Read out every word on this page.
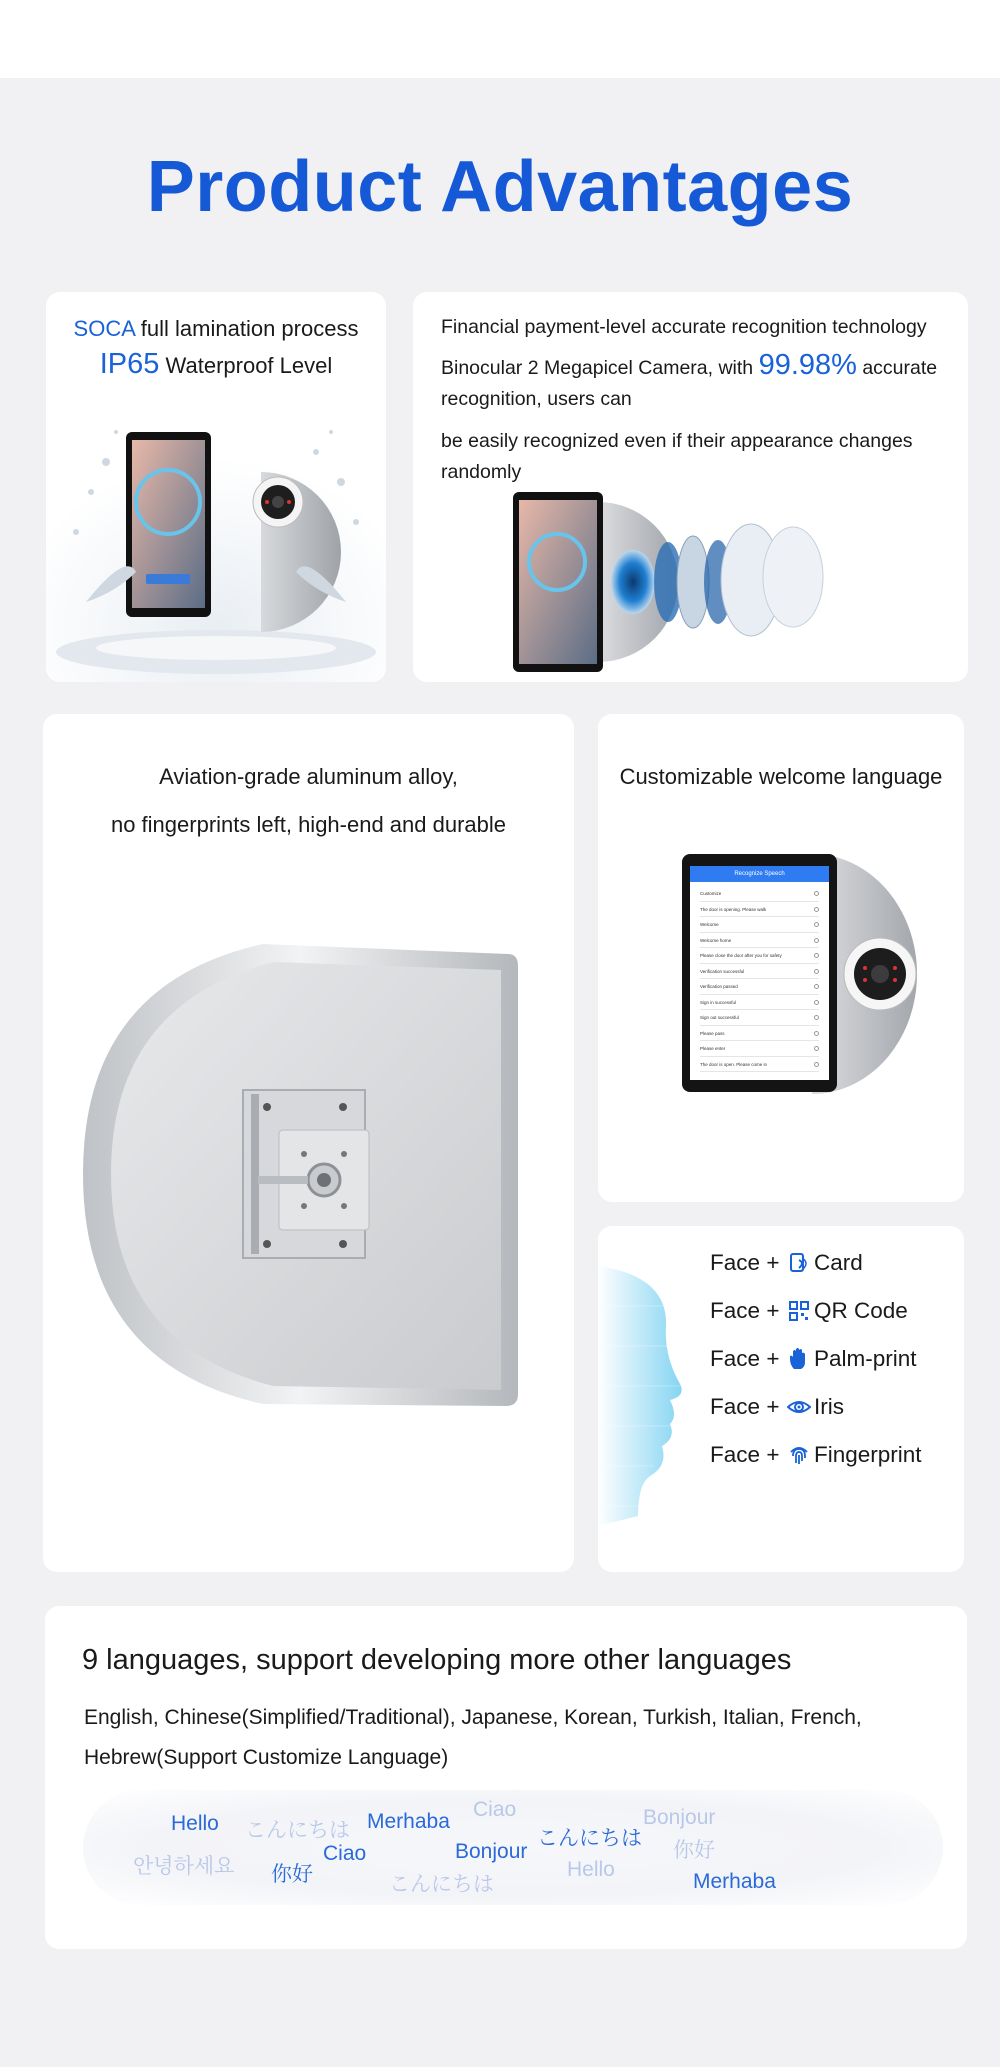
Product Advantages
SOCA full lamination process
IP65 Waterproof Level

Financial payment-level accurate recognition technology

Binocular 2 Megapicel Camera, with 99.98% accurate recognition, users can

be easily recognized even if their appearance changes randomly

Aviation-grade aluminum alloy,
no fingerprints left, high-end and durable
Customizable welcome language
Recognize Speech
Customize
The door is opening. Please walk
Welcome
Welcome home
Please close the door after you for safety
Verification successful
Verification passed
Sign in successful
Sign out successful
Please pass
Please enter
The door is open. Please come in
Face + Card
Face + QR Code
Face + Palm-print
Face + Iris
Face + Fingerprint
9 languages, support developing more other languages
English, Chinese(Simplified/Traditional), Japanese, Korean, Turkish, Italian, French, Hebrew(Support Customize Language)
Hello こんにちは Merhaba
Ciao
こんにちは
Bonjour
안녕하세요 你好
Ciao
こんにちは
Bonjour
Hello
你好
Merhaba
